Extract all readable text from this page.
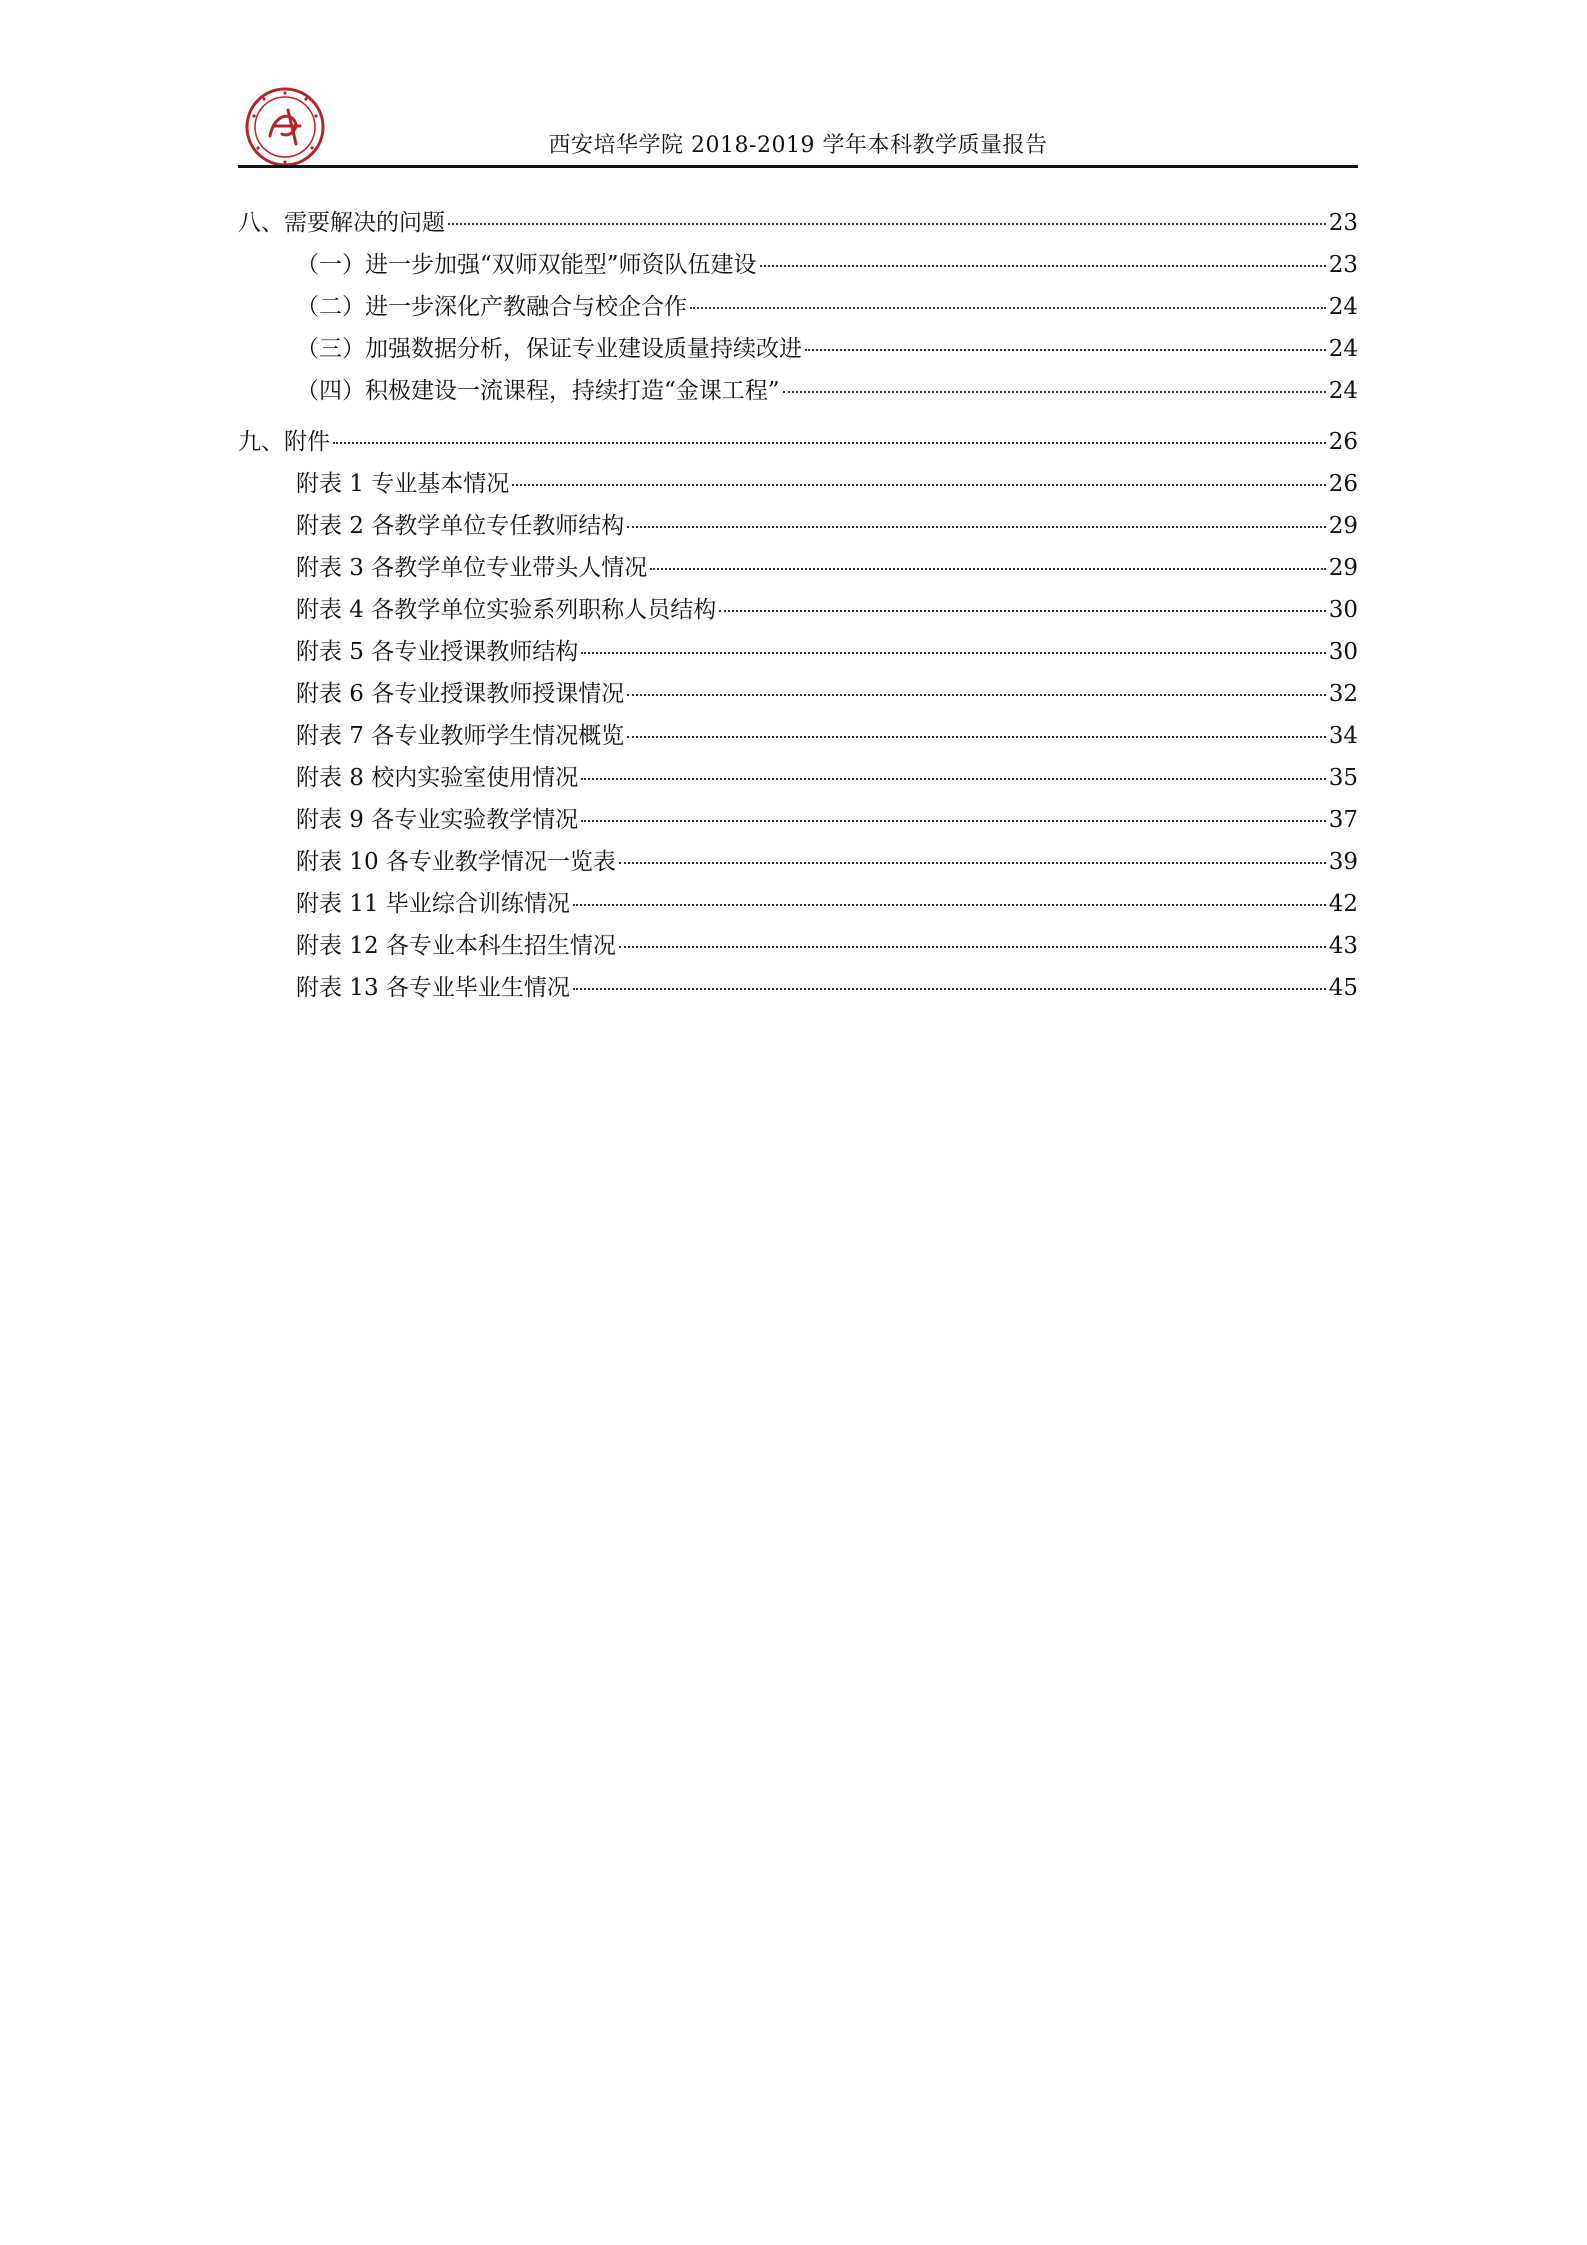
西安培华学院 2018-2019 学年本科教学质量报告
八、需要解决的问题	23
（一）进一步加强“双师双能型”师资队伍建设	23
（二）进一步深化产教融合与校企合作	24
（三）加强数据分析，保证专业建设质量持续改进	24
（四）积极建设一流课程，持续打造“金课工程”	24
九、附件	26
附表 1 专业基本情况	26
附表 2 各教学单位专任教师结构	29
附表 3 各教学单位专业带头人情况	29
附表 4 各教学单位实验系列职称人员结构	30
附表 5 各专业授课教师结构	30
附表 6 各专业授课教师授课情况	32
附表 7 各专业教师学生情况概览	34
附表 8 校内实验室使用情况	35
附表 9 各专业实验教学情况	37
附表 10 各专业教学情况一览表	39
附表 11 毕业综合训练情况	42
附表 12 各专业本科生招生情况	43
附表 13 各专业毕业生情况	45
